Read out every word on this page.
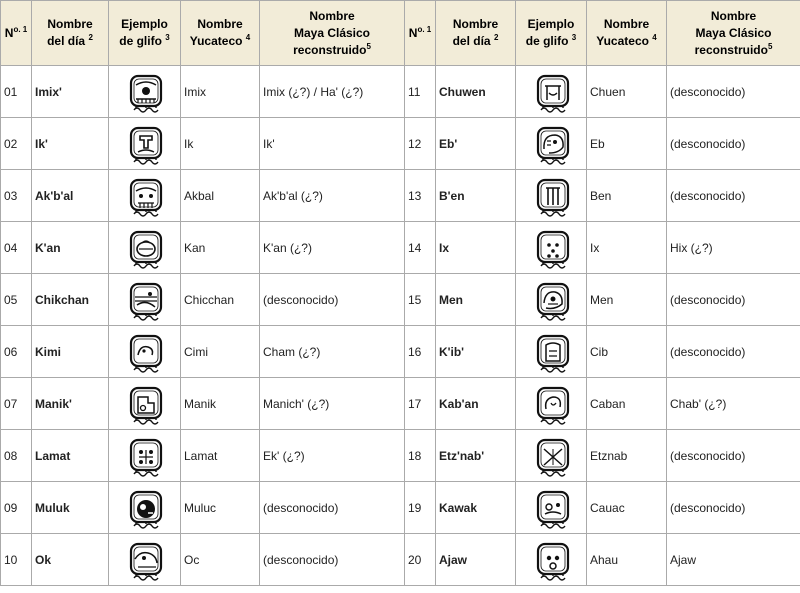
$N^{o. 1}$	Nombre
del día $^2$	Ejemplo
de glifo $^3$	Nombre
Yucateco $^4$	Nombre
Maya Clásico
reconstruido$^5$	$N^{o. 1}$	Nombre
del día $^2$	Ejemplo
de glifo $^3$	Nombre
Yucateco $^4$	Nombre
Maya Clásico
reconstruido$^5$
01	Imix'		Imix	Imix (¿?) / Ha' (¿?)	11	Chuwen		Chuen	(desconocido)
02	Ik'		Ik	Ik'	12	Eb'		Eb	(desconocido)
03	Ak'b'al		Akbal	Ak'b'al (¿?)	13	B'en		Ben	(desconocido)
04	K'an		Kan	K'an (¿?)	14	Ix		Ix	Hix (¿?)
05	Chikchan		Chicchan	(desconocido)	15	Men		Men	(desconocido)
06	Kimi		Cimi	Cham (¿?)	16	K'ib'		Cib	(desconocido)
07	Manik'		Manik	Manich' (¿?)	17	Kab'an		Caban	Chab' (¿?)
08	Lamat		Lamat	Ek' (¿?)	18	Etz'nab'		Etznab	(desconocido)
09	Muluk		Muluc	(desconocido)	19	Kawak		Cauac	(desconocido)
10	Ok		Oc	(desconocido)	20	Ajaw		Ahau	Ajaw
